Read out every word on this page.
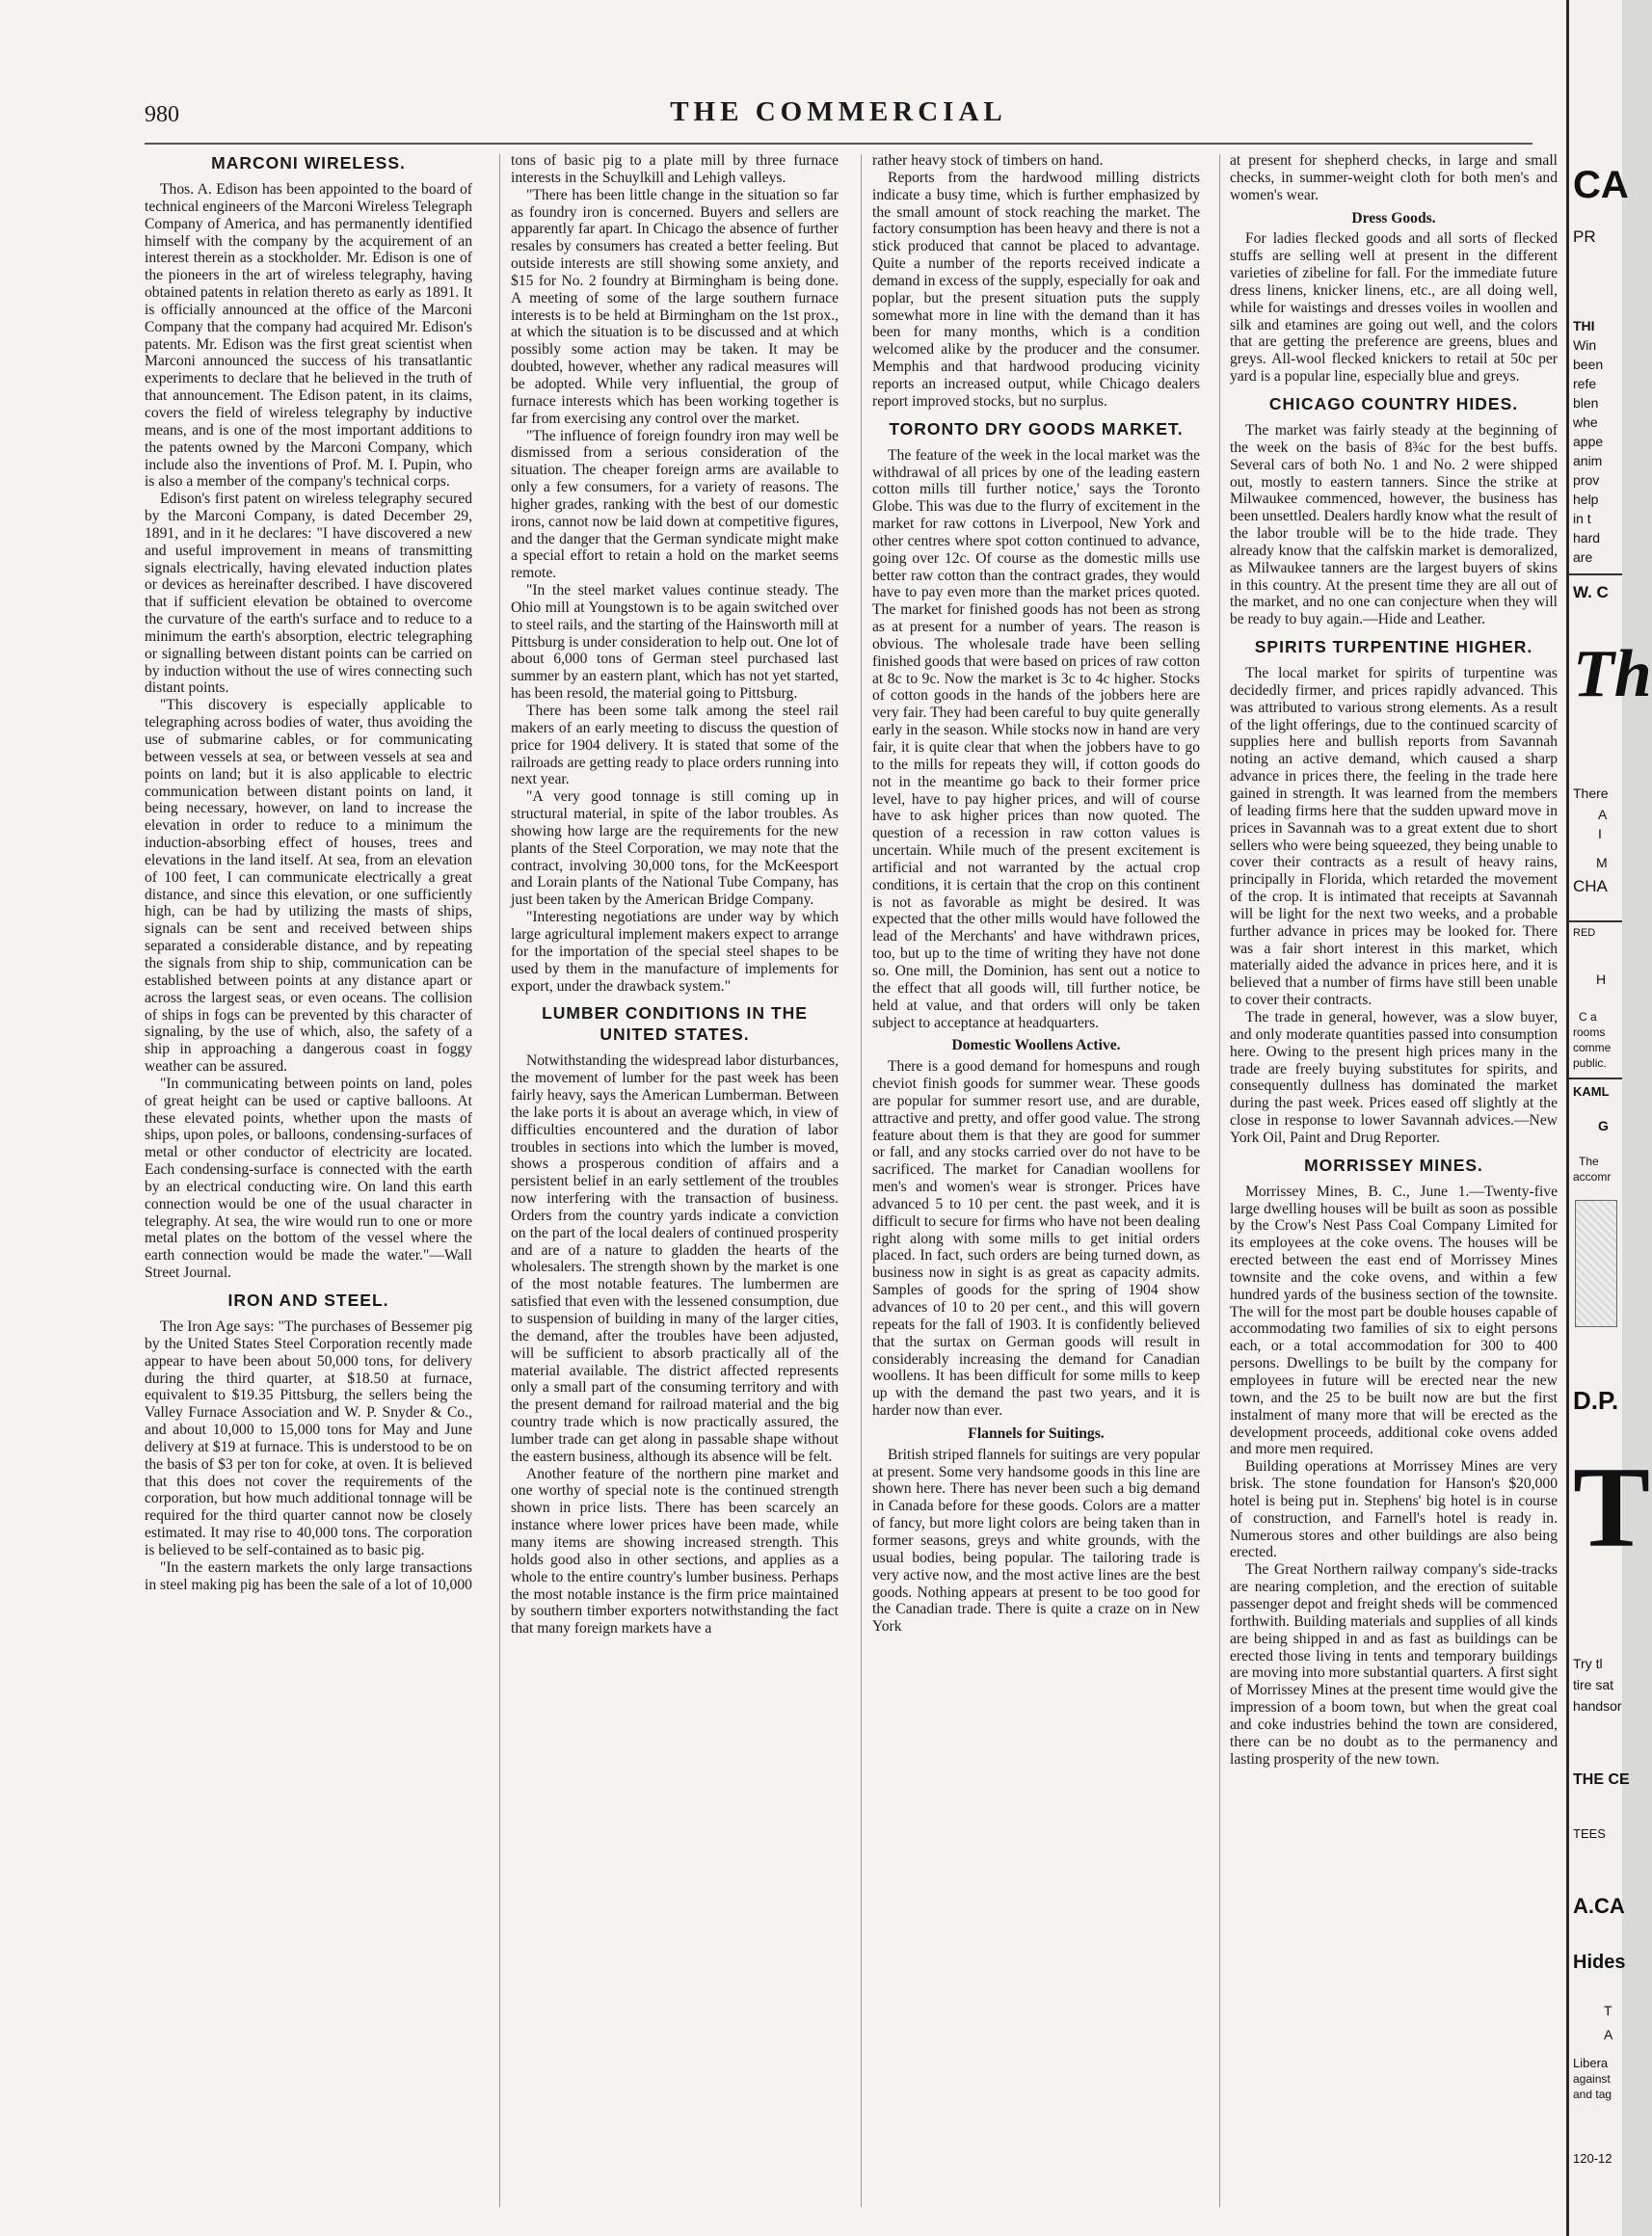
980	THE COMMERCIAL
MARCONI WIRELESS.

Thos. A. Edison has been appointed to the board of technical engineers of the Marconi Wireless Telegraph Company of America, and has permanently identified himself with the company by the acquirement of an interest therein as a stockholder. Mr. Edison is one of the pioneers in the art of wireless telegraphy, having obtained patents in relation thereto as early as 1891. It is officially announced at the office of the Marconi Company that the company had acquired Mr. Edison's patents. Mr. Edison was the first great scientist when Marconi announced the success of his transatlantic experiments to declare that he believed in the truth of that announcement. The Edison patent, in its claims, covers the field of wireless telegraphy by inductive means, and is one of the most important additions to the patents owned by the Marconi Company, which include also the inventions of Prof. M. I. Pupin, who is also a member of the company's technical corps.

Edison's first patent on wireless telegraphy secured by the Marconi Company, is dated December 29, 1891, and in it he declares: "I have discovered a new and useful improvement in means of transmitting signals electrically, having elevated induction plates or devices as hereinafter described. I have discovered that if sufficient elevation be obtained to overcome the curvature of the earth's surface and to reduce to a minimum the earth's absorption, electric telegraphing or signalling between distant points can be carried on by induction without the use of wires connecting such distant points.

"This discovery is especially applicable to telegraphing across bodies of water, thus avoiding the use of submarine cables, or for communicating between vessels at sea, or between vessels at sea and points on land; but it is also applicable to electric communication between distant points on land, it being necessary, however, on land to increase the elevation in order to reduce to a minimum the induction-absorbing effect of houses, trees and elevations in the land itself. At sea, from an elevation of 100 feet, I can communicate electrically a great distance, and since this elevation, or one sufficiently high, can be had by utilizing the masts of ships, signals can be sent and received between ships separated a considerable distance, and by repeating the signals from ship to ship, communication can be established between points at any distance apart or across the largest seas, or even oceans. The collision of ships in fogs can be prevented by this character of signaling, by the use of which, also, the safety of a ship in approaching a dangerous coast in foggy weather can be assured.

"In communicating between points on land, poles of great height can be used or captive balloons. At these elevated points, whether upon the masts of ships, upon poles, or balloons, condensing-surfaces of metal or other conductor of electricity are located. Each condensing-surface is connected with the earth by an electrical conducting wire. On land this earth connection would be one of the usual character in telegraphy. At sea, the wire would run to one or more metal plates on the bottom of the vessel where the earth connection would be made the water."—Wall Street Journal.

IRON AND STEEL.

The Iron Age says: "The purchases of Bessemer pig by the United States Steel Corporation recently made appear to have been about 50,000 tons, for delivery during the third quarter, at $18.50 at furnace, equivalent to $19.35 Pittsburg, the sellers being the Valley Furnace Association and W. P. Snyder & Co., and about 10,000 to 15,000 tons for May and June delivery at $19 at furnace. This is understood to be on the basis of $3 per ton for coke, at oven. It is believed that this does not cover the requirements of the corporation, but how much additional tonnage will be required for the third quarter cannot now be closely estimated. It may rise to 40,000 tons. The corporation is believed to be self-contained as to basic pig.

"In the eastern markets the only large transactions in steel making pig has been the sale of a lot of 10,000

tons of basic pig to a plate mill by three furnace interests in the Schuylkill and Lehigh valleys.

"There has been little change in the situation so far as foundry iron is concerned. Buyers and sellers are apparently far apart. In Chicago the absence of further resales by consumers has created a better feeling. But outside interests are still showing some anxiety, and $15 for No. 2 foundry at Birmingham is being done. A meeting of some of the large southern furnace interests is to be held at Birmingham on the 1st prox., at which the situation is to be discussed and at which possibly some action may be taken. It may be doubted, however, whether any radical measures will be adopted. While very influential, the group of furnace interests which has been working together is far from exercising any control over the market.

"The influence of foreign foundry iron may well be dismissed from a serious consideration of the situation. The cheaper foreign arms are available to only a few consumers, for a variety of reasons. The higher grades, ranking with the best of our domestic irons, cannot now be laid down at competitive figures, and the danger that the German syndicate might make a special effort to retain a hold on the market seems remote.

"In the steel market values continue steady. The Ohio mill at Youngstown is to be again switched over to steel rails, and the starting of the Hainsworth mill at Pittsburg is under consideration to help out. One lot of about 6,000 tons of German steel purchased last summer by an eastern plant, which has not yet started, has been resold, the material going to Pittsburg.

There has been some talk among the steel rail makers of an early meeting to discuss the question of price for 1904 delivery. It is stated that some of the railroads are getting ready to place orders running into next year.

"A very good tonnage is still coming up in structural material, in spite of the labor troubles. As showing how large are the requirements for the new plants of the Steel Corporation, we may note that the contract, involving 30,000 tons, for the McKeesport and Lorain plants of the National Tube Company, has just been taken by the American Bridge Company.

"Interesting negotiations are under way by which large agricultural implement makers expect to arrange for the importation of the special steel shapes to be used by them in the manufacture of implements for export, under the drawback system."

LUMBER CONDITIONS IN THE UNITED STATES.

Notwithstanding the widespread labor disturbances, the movement of lumber for the past week has been fairly heavy, says the American Lumberman. Between the lake ports it is about an average which, in view of difficulties encountered and the duration of labor troubles in sections into which the lumber is moved, shows a prosperous condition of affairs and a persistent belief in an early settlement of the troubles now interfering with the transaction of business. Orders from the country yards indicate a conviction on the part of the local dealers of continued prosperity and are of a nature to gladden the hearts of the wholesalers. The strength shown by the market is one of the most notable features. The lumbermen are satisfied that even with the lessened consumption, due to suspension of building in many of the larger cities, the demand, after the troubles have been adjusted, will be sufficient to absorb practically all of the material available. The district affected represents only a small part of the consuming territory and with the present demand for railroad material and the big country trade which is now practically assured, the lumber trade can get along in passable shape without the eastern business, although its absence will be felt.

Another feature of the northern pine market and one worthy of special note is the continued strength shown in price lists. There has been scarcely an instance where lower prices have been made, while many items are showing increased strength. This holds good also in other sections, and applies as a whole to the entire country's lumber business. Perhaps the most notable instance is the firm price maintained by southern timber exporters notwithstanding the fact that many foreign markets have a

rather heavy stock of timbers on hand.

Reports from the hardwood milling districts indicate a busy time, which is further emphasized by the small amount of stock reaching the market. The factory consumption has been heavy and there is not a stick produced that cannot be placed to advantage. Quite a number of the reports received indicate a demand in excess of the supply, especially for oak and poplar, but the present situation puts the supply somewhat more in line with the demand than it has been for many months, which is a condition welcomed alike by the producer and the consumer. Memphis and that hardwood producing vicinity reports an increased output, while Chicago dealers report improved stocks, but no surplus.

TORONTO DRY GOODS MARKET.

The feature of the week in the local market was the withdrawal of all prices by one of the leading eastern cotton mills till further notice,' says the Toronto Globe. This was due to the flurry of excitement in the market for raw cottons in Liverpool, New York and other centres where spot cotton continued to advance, going over 12c. Of course as the domestic mills use better raw cotton than the contract grades, they would have to pay even more than the market prices quoted. The market for finished goods has not been as strong as at present for a number of years. The reason is obvious. The wholesale trade have been selling finished goods that were based on prices of raw cotton at 8c to 9c. Now the market is 3c to 4c higher. Stocks of cotton goods in the hands of the jobbers here are very fair. They had been careful to buy quite generally early in the season. While stocks now in hand are very fair, it is quite clear that when the jobbers have to go to the mills for repeats they will, if cotton goods do not in the meantime go back to their former price level, have to pay higher prices, and will of course have to ask higher prices than now quoted. The question of a recession in raw cotton values is uncertain. While much of the present excitement is artificial and not warranted by the actual crop conditions, it is certain that the crop on this continent is not as favorable as might be desired. It was expected that the other mills would have followed the lead of the Merchants' and have withdrawn prices, too, but up to the time of writing they have not done so. One mill, the Dominion, has sent out a notice to the effect that all goods will, till further notice, be held at value, and that orders will only be taken subject to acceptance at headquarters.

Domestic Woollens Active.

There is a good demand for homespuns and rough cheviot finish goods for summer wear. These goods are popular for summer resort use, and are durable, attractive and pretty, and offer good value. The strong feature about them is that they are good for summer or fall, and any stocks carried over do not have to be sacrificed. The market for Canadian woollens for men's and women's wear is stronger. Prices have advanced 5 to 10 per cent. the past week, and it is difficult to secure for firms who have not been dealing right along with some mills to get initial orders placed. In fact, such orders are being turned down, as business now in sight is as great as capacity admits. Samples of goods for the spring of 1904 show advances of 10 to 20 per cent., and this will govern repeats for the fall of 1903. It is confidently believed that the surtax on German goods will result in considerably increasing the demand for Canadian woollens. It has been difficult for some mills to keep up with the demand the past two years, and it is harder now than ever.

Flannels for Suitings.

British striped flannels for suitings are very popular at present. Some very handsome goods in this line are shown here. There has never been such a big demand in Canada before for these goods. Colors are a matter of fancy, but more light colors are being taken than in former seasons, greys and white grounds, with the usual bodies, being popular. The tailoring trade is very active now, and the most active lines are the best goods. Nothing appears at present to be too good for the Canadian trade. There is quite a craze on in New York

at present for shepherd checks, in large and small checks, in summer-weight cloth for both men's and women's wear.

Dress Goods.

For ladies flecked goods and all sorts of flecked stuffs are selling well at present in the different varieties of zibeline for fall. For the immediate future dress linens, knicker linens, etc., are all doing well, while for waistings and dresses voiles in woollen and silk and etamines are going out well, and the colors that are getting the preference are greens, blues and greys. All-wool flecked knickers to retail at 50c per yard is a popular line, especially blue and greys.

CHICAGO COUNTRY HIDES.

The market was fairly steady at the beginning of the week on the basis of 8¾c for the best buffs. Several cars of both No. 1 and No. 2 were shipped out, mostly to eastern tanners. Since the strike at Milwaukee commenced, however, the business has been unsettled. Dealers hardly know what the result of the labor trouble will be to the hide trade. They already know that the calfskin market is demoralized, as Milwaukee tanners are the largest buyers of skins in this country. At the present time they are all out of the market, and no one can conjecture when they will be ready to buy again.—Hide and Leather.

SPIRITS TURPENTINE HIGHER.

The local market for spirits of turpentine was decidedly firmer, and prices rapidly advanced. This was attributed to various strong elements. As a result of the light offerings, due to the continued scarcity of supplies here and bullish reports from Savannah noting an active demand, which caused a sharp advance in prices there, the feeling in the trade here gained in strength. It was learned from the members of leading firms here that the sudden upward move in prices in Savannah was to a great extent due to short sellers who were being squeezed, they being unable to cover their contracts as a result of heavy rains, principally in Florida, which retarded the movement of the crop. It is intimated that receipts at Savannah will be light for the next two weeks, and a probable further advance in prices may be looked for. There was a fair short interest in this market, which materially aided the advance in prices here, and it is believed that a number of firms have still been unable to cover their contracts.

The trade in general, however, was a slow buyer, and only moderate quantities passed into consumption here. Owing to the present high prices many in the trade are freely buying substitutes for spirits, and consequently dullness has dominated the market during the past week. Prices eased off slightly at the close in response to lower Savannah advices.—New York Oil, Paint and Drug Reporter.

MORRISSEY MINES.

Morrissey Mines, B. C., June 1.—Twenty-five large dwelling houses will be built as soon as possible by the Crow's Nest Pass Coal Company Limited for its employees at the coke ovens. The houses will be erected between the east end of Morrissey Mines townsite and the coke ovens, and within a few hundred yards of the business section of the townsite. The will for the most part be double houses capable of accommodating two families of six to eight persons each, or a total accommodation for 300 to 400 persons. Dwellings to be built by the company for employees in future will be erected near the new town, and the 25 to be built now are but the first instalment of many more that will be erected as the development proceeds, additional coke ovens added and more men required.

Building operations at Morrissey Mines are very brisk. The stone foundation for Hanson's $20,000 hotel is being put in. Stephens' big hotel is in course of construction, and Farnell's hotel is ready in. Numerous stores and other buildings are also being erected.

The Great Northern railway company's side-tracks are nearing completion, and the erection of suitable passenger depot and freight sheds will be commenced forthwith. Building materials and supplies of all kinds are being shipped in and as fast as buildings can be erected those living in tents and temporary buildings are moving into more substantial quarters. A first sight of Morrissey Mines at the present time would give the impression of a boom town, but when the great coal and coke industries behind the town are considered, there can be no doubt as to the permanency and lasting prosperity of the new town.

CA
PR
THI
Win
been
refe
blen
whe
appe
anim
prov
help
in t
hard
are
W. C
Th
There
A
I
M
CHA
RED
H
C a
rooms
comme
public.
KAML
G
The
accomr
D.P.
T
Try tl
tire sat
handsor
THE CE
TEES
A.CA
Hides
T
A
Libera
against
and tag
120-12
